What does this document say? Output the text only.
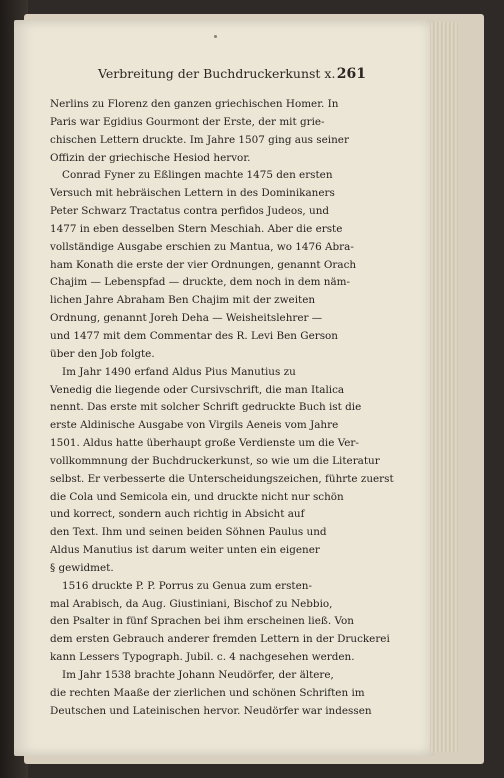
Verbreitung der Buchdruckerkunst x. 261
Nerlins zu Florenz den ganzen griechischen Homer. In
Paris war Egidius Gourmont der Erste, der mit grie-
chischen Lettern druckte. Im Jahre 1507 ging aus seiner
Offizin der griechische Hesiod hervor.
Conrad Fyner zu Eßlingen machte 1475 den ersten
Versuch mit hebräischen Lettern in des Dominikaners
Peter Schwarz Tractatus contra perfidos Judeos, und
1477 in eben desselben Stern Meschiah. Aber die erste
vollständige Ausgabe erschien zu Mantua, wo 1476 Abra-
ham Konath die erste der vier Ordnungen, genannt Orach
Chajim — Lebenspfad — druckte, dem noch in dem näm-
lichen Jahre Abraham Ben Chajim mit der zweiten
Ordnung, genannt Joreh Deha — Weisheitslehrer —
und 1477 mit dem Commentar des R. Levi Ben Gerson
über den Job folgte.
Im Jahr 1490 erfand Aldus Pius Manutius zu
Venedig die liegende oder Cursivschrift, die man Italica
nennt. Das erste mit solcher Schrift gedruckte Buch ist die
erste Aldinische Ausgabe von Virgils Aeneis vom Jahre
1501. Aldus hatte überhaupt große Verdienste um die Ver-
vollkommnung der Buchdruckerkunst, so wie um die Literatur
selbst. Er verbesserte die Unterscheidungszeichen, führte zuerst
die Cola und Semicola ein, und druckte nicht nur schön
und korrect, sondern auch richtig in Absicht auf
den Text. Ihm und seinen beiden Söhnen Paulus und
Aldus Manutius ist darum weiter unten ein eigener
§ gewidmet.
1516 druckte P. P. Porrus zu Genua zum ersten-
mal Arabisch, da Aug. Giustiniani, Bischof zu Nebbio,
den Psalter in fünf Sprachen bei ihm erscheinen ließ. Von
dem ersten Gebrauch anderer fremden Lettern in der Druckerei
kann Lessers Typograph. Jubil. c. 4 nachgesehen werden.
Im Jahr 1538 brachte Johann Neudörfer, der ältere,
die rechten Maaße der zierlichen und schönen Schriften im
Deutschen und Lateinischen hervor. Neudörfer war indessen
